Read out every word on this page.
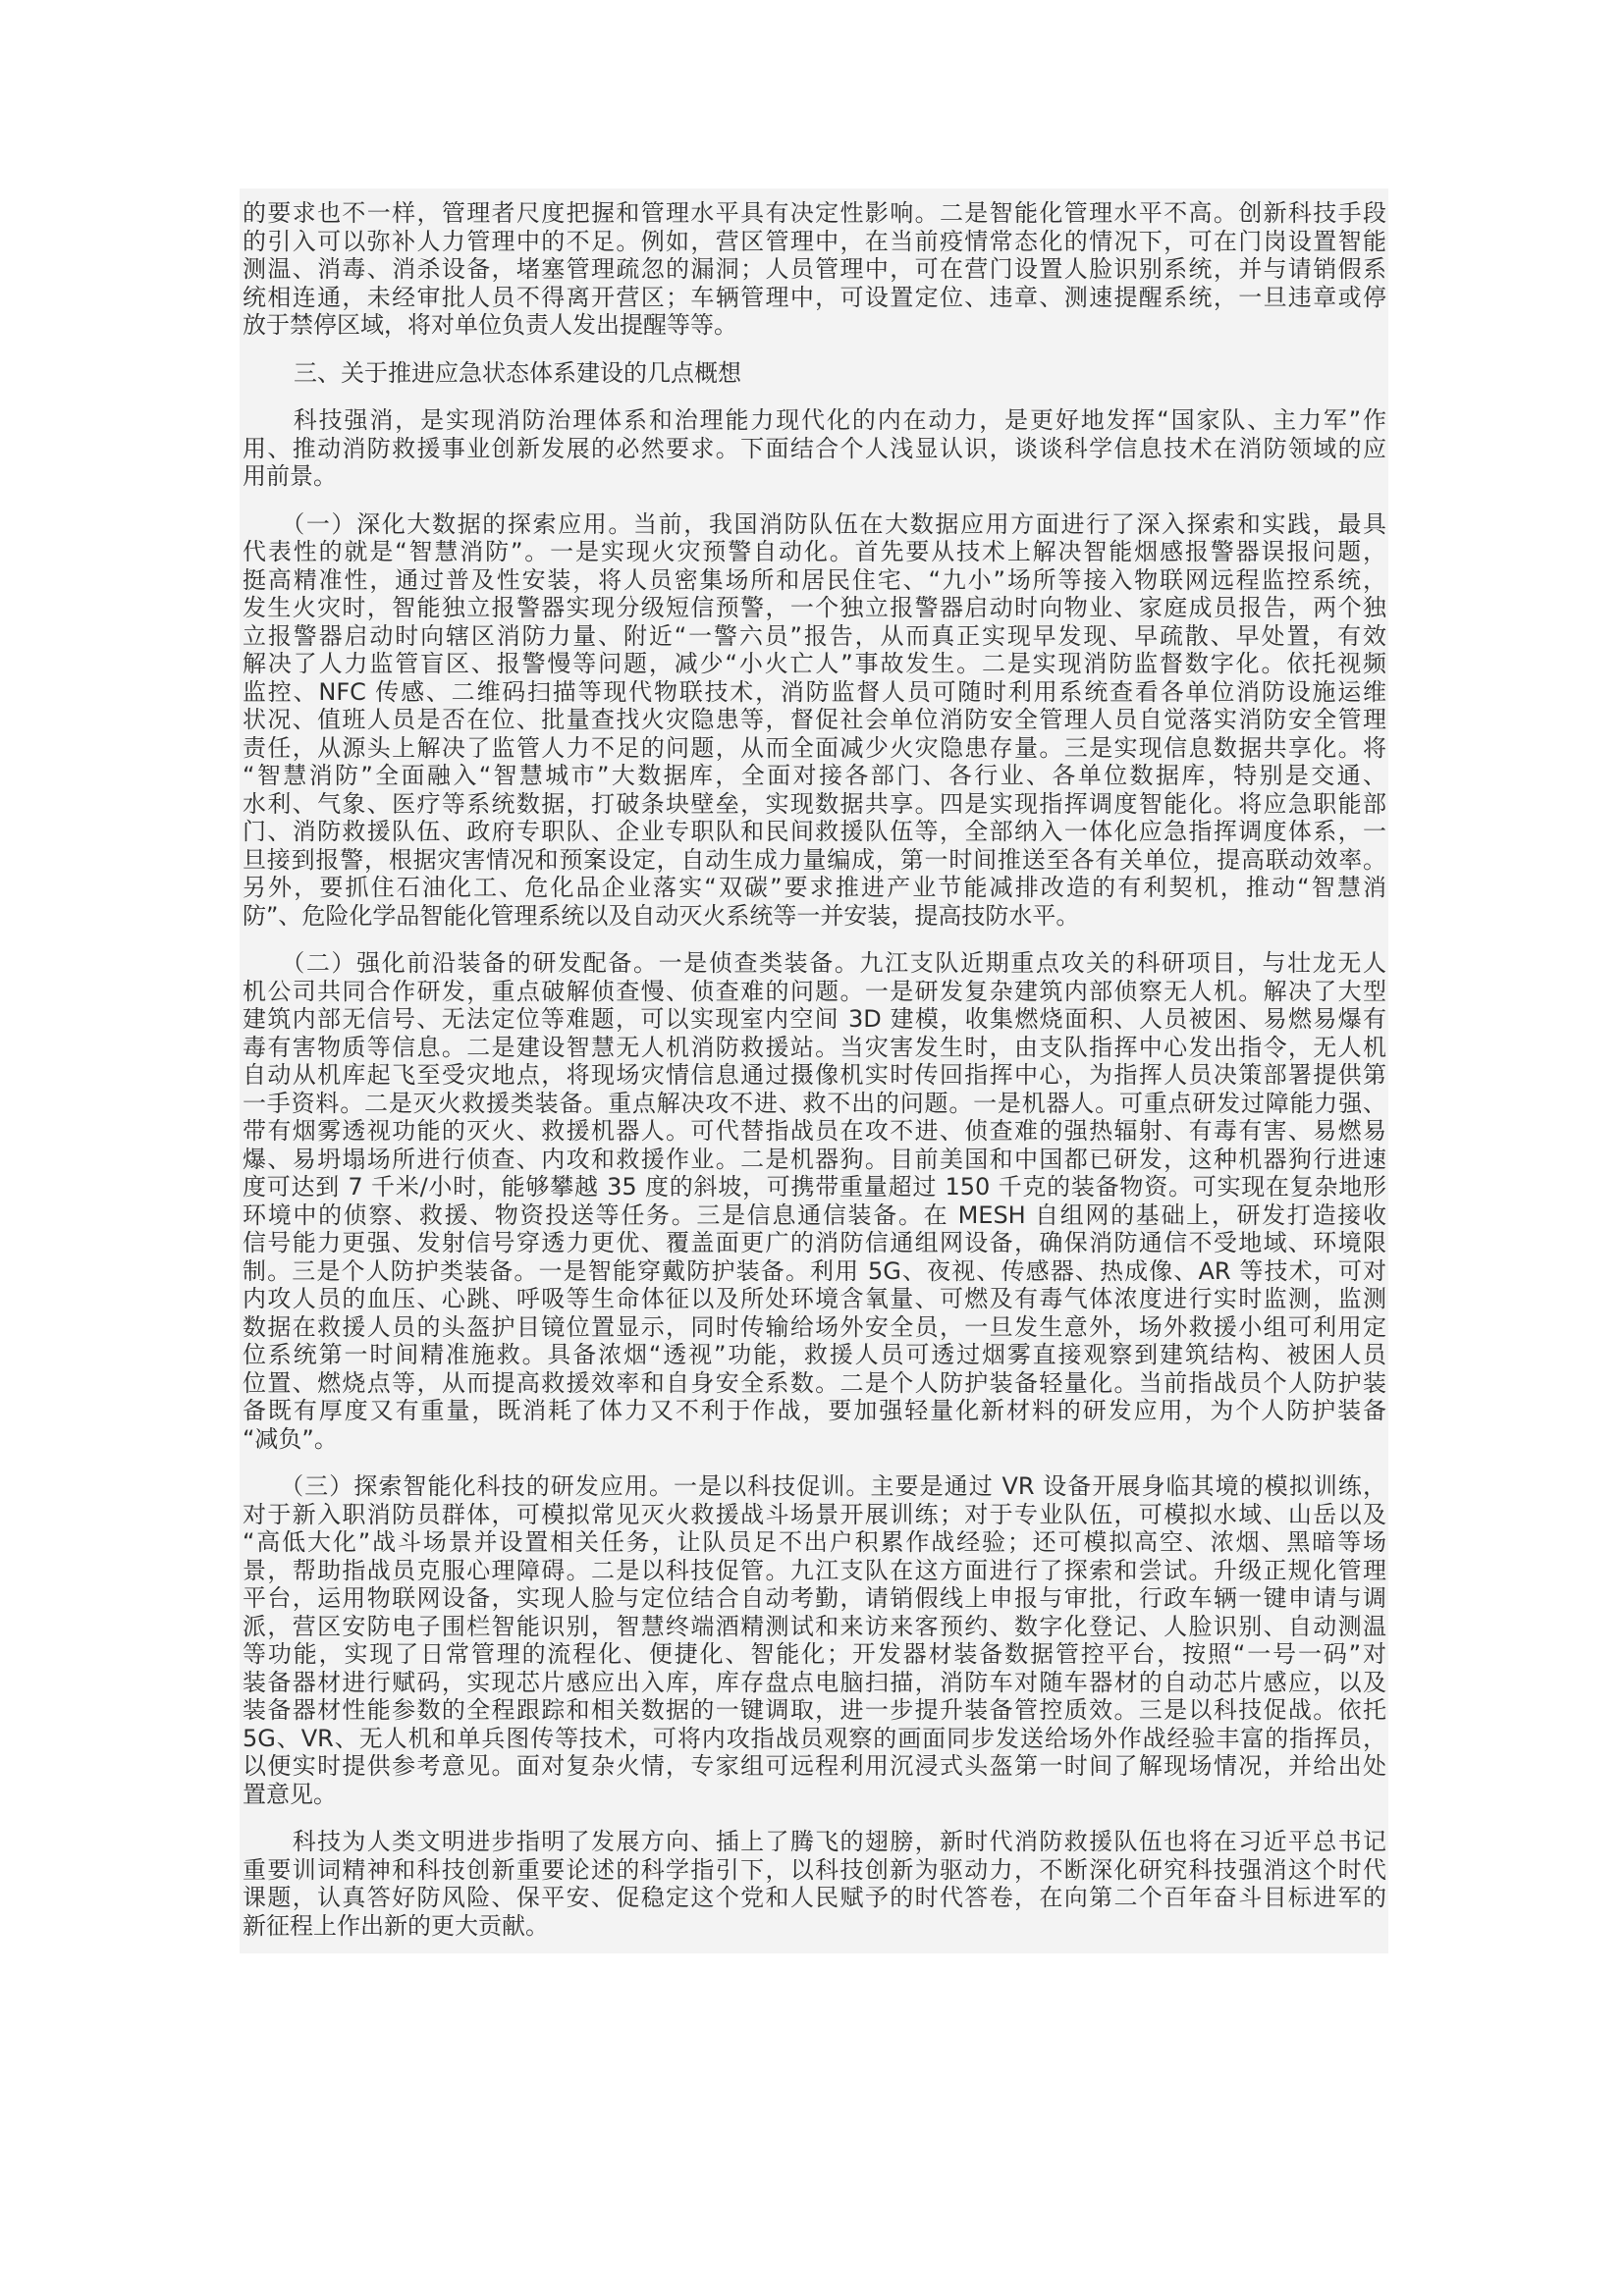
的要求也不一样，管理者尺度把握和管理水平具有决定性影响。二是智能化管理水平不高。创新科技手段
的引入可以弥补人力管理中的不足。例如，营区管理中，在当前疫情常态化的情况下，可在门岗设置智能
测温、消毒、消杀设备，堵塞管理疏忽的漏洞；人员管理中，可在营门设置人脸识别系统，并与请销假系
统相连通，未经审批人员不得离开营区；车辆管理中，可设置定位、违章、测速提醒系统，一旦违章或停
放于禁停区域，将对单位负责人发出提醒等等。
三、关于推进应急状态体系建设的几点概想
　　科技强消，是实现消防治理体系和治理能力现代化的内在动力，是更好地发挥“国家队、主力军”作
用、推动消防救援事业创新发展的必然要求。下面结合个人浅显认识，谈谈科学信息技术在消防领域的应
用前景。
　　（一）深化大数据的探索应用。当前，我国消防队伍在大数据应用方面进行了深入探索和实践，最具
代表性的就是“智慧消防”。一是实现火灾预警自动化。首先要从技术上解决智能烟感报警器误报问题，
挺高精准性，通过普及性安装，将人员密集场所和居民住宅、“九小”场所等接入物联网远程监控系统，
发生火灾时，智能独立报警器实现分级短信预警，一个独立报警器启动时向物业、家庭成员报告，两个独
立报警器启动时向辖区消防力量、附近“一警六员”报告，从而真正实现早发现、早疏散、早处置，有效
解决了人力监管盲区、报警慢等问题，减少“小火亡人”事故发生。二是实现消防监督数字化。依托视频
监控、NFC 传感、二维码扫描等现代物联技术，消防监督人员可随时利用系统查看各单位消防设施运维
状况、值班人员是否在位、批量查找火灾隐患等，督促社会单位消防安全管理人员自觉落实消防安全管理
责任，从源头上解决了监管人力不足的问题，从而全面减少火灾隐患存量。三是实现信息数据共享化。将
“智慧消防”全面融入“智慧城市”大数据库，全面对接各部门、各行业、各单位数据库，特别是交通、
水利、气象、医疗等系统数据，打破条块壁垒，实现数据共享。四是实现指挥调度智能化。将应急职能部
门、消防救援队伍、政府专职队、企业专职队和民间救援队伍等，全部纳入一体化应急指挥调度体系，一
旦接到报警，根据灾害情况和预案设定，自动生成力量编成，第一时间推送至各有关单位，提高联动效率。
另外，要抓住石油化工、危化品企业落实“双碳”要求推进产业节能减排改造的有利契机，推动“智慧消
防”、危险化学品智能化管理系统以及自动灭火系统等一并安装，提高技防水平。
　　（二）强化前沿装备的研发配备。一是侦查类装备。九江支队近期重点攻关的科研项目，与壮龙无人
机公司共同合作研发，重点破解侦查慢、侦查难的问题。一是研发复杂建筑内部侦察无人机。解决了大型
建筑内部无信号、无法定位等难题，可以实现室内空间 3D 建模，收集燃烧面积、人员被困、易燃易爆有
毒有害物质等信息。二是建设智慧无人机消防救援站。当灾害发生时，由支队指挥中心发出指令，无人机
自动从机库起飞至受灾地点，将现场灾情信息通过摄像机实时传回指挥中心，为指挥人员决策部署提供第
一手资料。二是灭火救援类装备。重点解决攻不进、救不出的问题。一是机器人。可重点研发过障能力强、
带有烟雾透视功能的灭火、救援机器人。可代替指战员在攻不进、侦查难的强热辐射、有毒有害、易燃易
爆、易坍塌场所进行侦查、内攻和救援作业。二是机器狗。目前美国和中国都已研发，这种机器狗行进速
度可达到 7 千米/小时，能够攀越 35 度的斜坡，可携带重量超过 150 千克的装备物资。可实现在复杂地形
环境中的侦察、救援、物资投送等任务。三是信息通信装备。在 MESH 自组网的基础上，研发打造接收
信号能力更强、发射信号穿透力更优、覆盖面更广的消防信通组网设备，确保消防通信不受地域、环境限
制。三是个人防护类装备。一是智能穿戴防护装备。利用 5G、夜视、传感器、热成像、AR 等技术，可对
内攻人员的血压、心跳、呼吸等生命体征以及所处环境含氧量、可燃及有毒气体浓度进行实时监测，监测
数据在救援人员的头盔护目镜位置显示，同时传输给场外安全员，一旦发生意外，场外救援小组可利用定
位系统第一时间精准施救。具备浓烟“透视”功能，救援人员可透过烟雾直接观察到建筑结构、被困人员
位置、燃烧点等，从而提高救援效率和自身安全系数。二是个人防护装备轻量化。当前指战员个人防护装
备既有厚度又有重量，既消耗了体力又不利于作战，要加强轻量化新材料的研发应用，为个人防护装备
“减负”。
　　（三）探索智能化科技的研发应用。一是以科技促训。主要是通过 VR 设备开展身临其境的模拟训练，
对于新入职消防员群体，可模拟常见灭火救援战斗场景开展训练；对于专业队伍，可模拟水域、山岳以及
“高低大化”战斗场景并设置相关任务，让队员足不出户积累作战经验；还可模拟高空、浓烟、黑暗等场
景，帮助指战员克服心理障碍。二是以科技促管。九江支队在这方面进行了探索和尝试。升级正规化管理
平台，运用物联网设备，实现人脸与定位结合自动考勤，请销假线上申报与审批，行政车辆一键申请与调
派，营区安防电子围栏智能识别，智慧终端酒精测试和来访来客预约、数字化登记、人脸识别、自动测温
等功能，实现了日常管理的流程化、便捷化、智能化；开发器材装备数据管控平台，按照“一号一码”对
装备器材进行赋码，实现芯片感应出入库，库存盘点电脑扫描，消防车对随车器材的自动芯片感应，以及
装备器材性能参数的全程跟踪和相关数据的一键调取，进一步提升装备管控质效。三是以科技促战。依托
5G、VR、无人机和单兵图传等技术，可将内攻指战员观察的画面同步发送给场外作战经验丰富的指挥员，
以便实时提供参考意见。面对复杂火情，专家组可远程利用沉浸式头盔第一时间了解现场情况，并给出处
置意见。
　　科技为人类文明进步指明了发展方向、插上了腾飞的翅膀，新时代消防救援队伍也将在习近平总书记
重要训词精神和科技创新重要论述的科学指引下，以科技创新为驱动力，不断深化研究科技强消这个时代
课题，认真答好防风险、保平安、促稳定这个党和人民赋予的时代答卷，在向第二个百年奋斗目标进军的
新征程上作出新的更大贡献。
